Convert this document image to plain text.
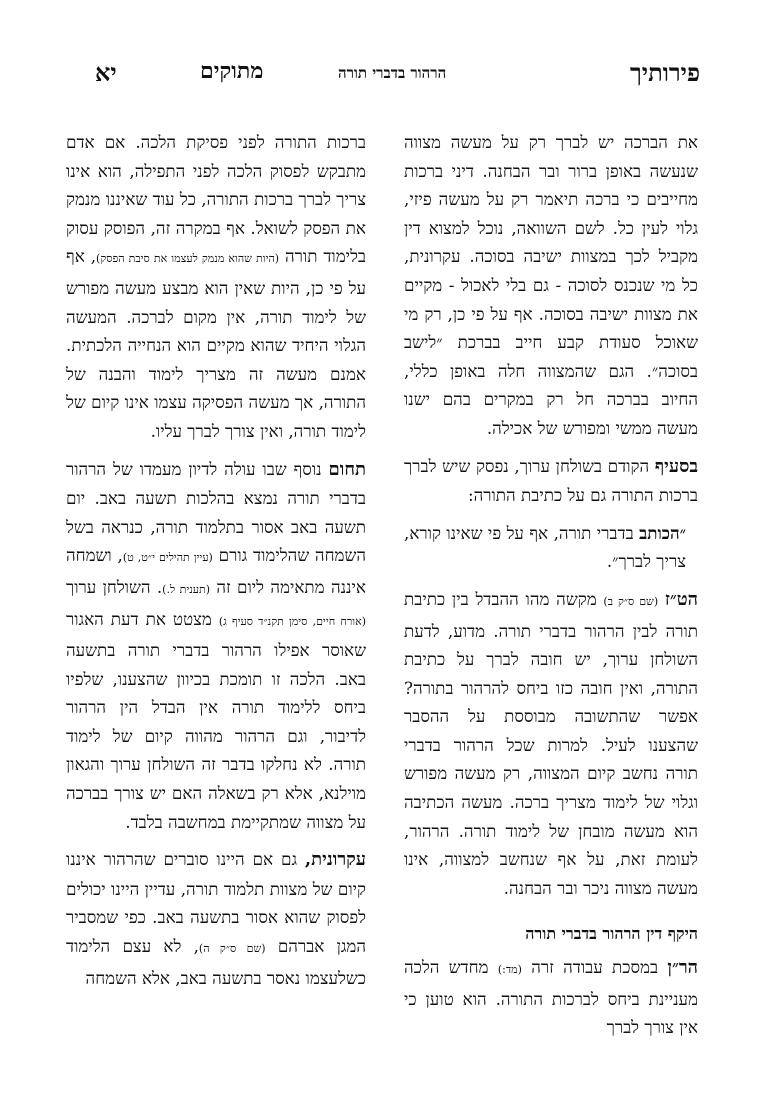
פירותיך
הרהור בדברי תורה
מתוקים
יא

את הברכה יש לברך רק על מעשה מצווה שנעשה באופן ברור ובר הבחנה. דיני ברכות מחייבים כי ברכה תיאמר רק על מעשה פיזי, גלוי לעין כל. לשם השוואה, נוכל למצוא דין מקביל לכך במצוות ישיבה בסוכה. עקרונית, כל מי שנכנס לסוכה - גם בלי לאכול - מקיים את מצוות ישיבה בסוכה. אף על פי כן, רק מי שאוכל סעודת קבע חייב בברכת ״לישב בסוכה״. הגם שהמצווה חלה באופן כללי, החיוב בברכה חל רק במקרים בהם ישנו מעשה ממשי ומפורש של אכילה.

בסעיף הקודם בשולחן ערוך, נפסק שיש לברך ברכות התורה גם על כתיבת התורה:

״הכותב בדברי תורה, אף על פי שאינו קורא, צריך לברך״.

הט״ז (שם ס״ק ב) מקשה מהו ההבדל בין כתיבת תורה לבין הרהור בדברי תורה. מדוע, לדעת השולחן ערוך, יש חובה לברך על כתיבת התורה, ואין חובה כזו ביחס להרהור בתורה? אפשר שהתשובה מבוססת על ההסבר שהצענו לעיל. למרות שכל הרהור בדברי תורה נחשב קיום המצווה, רק מעשה מפורש וגלוי של לימוד מצריך ברכה. מעשה הכתיבה הוא מעשה מובחן של לימוד תורה. הרהור, לעומת זאת, על אף שנחשב למצווה, אינו מעשה מצווה ניכר ובר הבחנה.

היקף דין הרהור בדברי תורה

הר״ן במסכת עבודה זרה (מד:) מחדש הלכה מעניינת ביחס לברכות התורה. הוא טוען כי אין צורך לברך

ברכות התורה לפני פסיקת הלכה. אם אדם מתבקש לפסוק הלכה לפני התפילה, הוא אינו צריך לברך ברכות התורה, כל עוד שאיננו מנמק את הפסק לשואל. אף במקרה זה, הפוסק עסוק בלימוד תורה (היות שהוא מנמק לעצמו את סיבת הפסק), אף על פי כן, היות שאין הוא מבצע מעשה מפורש של לימוד תורה, אין מקום לברכה. המעשה הגלוי היחיד שהוא מקיים הוא הנחייה הלכתית. אמנם מעשה זה מצריך לימוד והבנה של התורה, אך מעשה הפסיקה עצמו אינו קיום של לימוד תורה, ואין צורך לברך עליו.

תחום נוסף שבו עולה לדיון מעמדו של הרהור בדברי תורה נמצא בהלכות תשעה באב. יום תשעה באב אסור בתלמוד תורה, כנראה בשל השמחה שהלימוד גורם (עיין תהילים י״ט, ט), ושמחה איננה מתאימה ליום זה (תענית ל.). השולחן ערוך (אורח חיים, סימן תקנ״ד סעיף ג) מצטט את דעת האגור שאוסר אפילו הרהור בדברי תורה בתשעה באב. הלכה זו תומכת בכיוון שהצענו, שלפיו ביחס ללימוד תורה אין הבדל הין הרהור לדיבור, וגם הרהור מהווה קיום של לימוד תורה. לא נחלקו בדבר זה השולחן ערוך והגאון מוילנא, אלא רק בשאלה האם יש צורך בברכה על מצווה שמתקיימת במחשבה בלבד.

עקרונית, גם אם היינו סוברים שהרהור איננו קיום של מצוות תלמוד תורה, עדיין היינו יכולים לפסוק שהוא אסור בתשעה באב. כפי שמסביר המגן אברהם (שם ס״ק ה), לא עצם הלימוד כשלעצמו נאסר בתשעה באב, אלא השמחה
